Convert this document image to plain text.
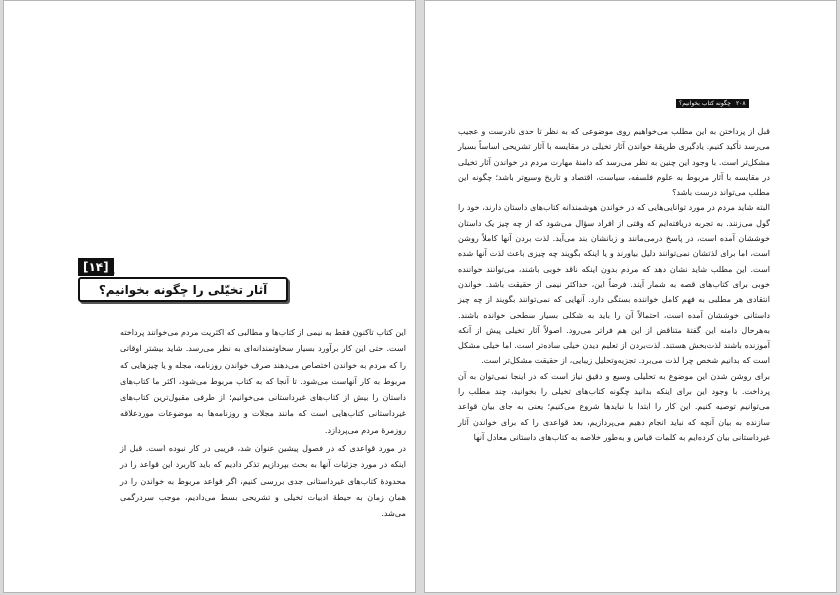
[۱۴] ۰۰
آثار تخیّلی را چگونه بخوانیم؟

این کتاب تاکنون فقط به نیمی از کتاب‌ها و مطالبی که اکثریت مردم می‌خوانند پرداخته است. حتی این کار برآورد بسیار سخاوتمندانه‌ای به نظر می‌رسد. شاید بیشتر اوقاتی را که مردم به خواندن اختصاص می‌دهند صرف خواندن روزنامه، مجله و یا چیزهایی که مربوط به کار آنهاست می‌شود. تا آنجا که به کتاب مربوط می‌شود، اکثر ما کتاب‌های داستان را بیش از کتاب‌های غیرداستانی می‌خوانیم؛ از طرفی مقبول‌ترین کتاب‌های غیرداستانی کتاب‌هایی است که مانند مجلات و روزنامه‌ها به موضوعات موردعلاقه روزمرهٔ مردم می‌پردازد.

در مورد قواعدی که در فصول پیشین عنوان شد، فریبی در کار نبوده است. قبل از اینکه در مورد جزئیات آنها به بحث بپردازیم تذکر دادیم که باید کاربرد این قواعد را در محدودهٔ کتاب‌های غیرداستانی جدی بررسی کنیم، اگر قواعد مربوط به خواندن را در همان زمان به حیطهٔ ادبیات تخیلی و تشریحی بسط می‌دادیم، موجب سردرگمی می‌شد.

۲۰۸
چگونه کتاب بخوانیم؟

قبل از پرداختن به این مطلب می‌خواهیم روی موضوعی که به نظر تا حدی نادرست و عجیب می‌رسد تأکید کنیم. یادگیری طریقهٔ خواندن آثار تخیلی در مقایسه با آثار تشریحی اساساً بسیار مشکل‌تر است. با وجود این چنین به نظر می‌رسد که دامنهٔ مهارت مردم در خواندن آثار تخیلی در مقایسه با آثار مربوط به علوم فلسفه، سیاست، اقتصاد و تاریخ وسیع‌تر باشد؛ چگونه این مطلب می‌تواند درست باشد؟

البته شاید مردم در مورد توانایی‌هایی که در خواندن هوشمندانه کتاب‌های داستان دارند، خود را گول می‌زنند. به تجربه دریافته‌ایم که وقتی از افراد سؤال می‌شود که از چه چیز یک داستان خوششان آمده است، در پاسخ درمی‌مانند و زبانشان بند می‌آید. لذت بردن آنها کاملاً روشن است، اما برای لذتشان نمی‌توانند دلیل بیاورند و یا اینکه بگویند چه چیزی باعث لذت آنها شده است. این مطلب شاید نشان دهد که مردم بدون اینکه ناقد خوبی باشند، می‌توانند خواننده خوبی برای کتاب‌های قصه به شمار آیند. فرضاً این، حداکثر نیمی از حقیقت باشد. خواندن انتقادی هر مطلبی به فهم کامل خواننده بستگی دارد. آنهایی که نمی‌توانند بگویند از چه چیز داستانی خوششان آمده است، احتمالاً آن را باید به شکلی بسیار سطحی خوانده باشند. به‌هرحال دامنه این گفتهٔ متناقض از این هم فراتر می‌رود. اصولاً آثار تخیلی پیش از آنکه آموزنده باشند لذت‌بخش هستند. لذت‌بردن از تعلیم دیدن خیلی ساده‌تر است. اما خیلی مشکل است که بدانیم شخص چرا لذت می‌برد. تجزیه‌وتحلیل زیبایی، از حقیقت مشکل‌تر است.

برای روشن شدن این موضوع به تحلیلی وسیع و دقیق نیاز است که در اینجا نمی‌توان به آن پرداخت. با وجود این برای اینکه بدانید چگونه کتاب‌های تخیلی را بخوانید، چند مطلب را می‌توانیم توصیه کنیم. این کار را ابتدا با نبایدها شروع می‌کنیم؛ یعنی به جای بیان قواعد سازنده به بیان آنچه که نباید انجام دهیم می‌پردازیم، بعد قواعدی را که برای خواندن آثار غیرداستانی بیان کرده‌ایم به کلمات قیاس و به‌طور خلاصه به کتاب‌های داستانی معادل آنها
